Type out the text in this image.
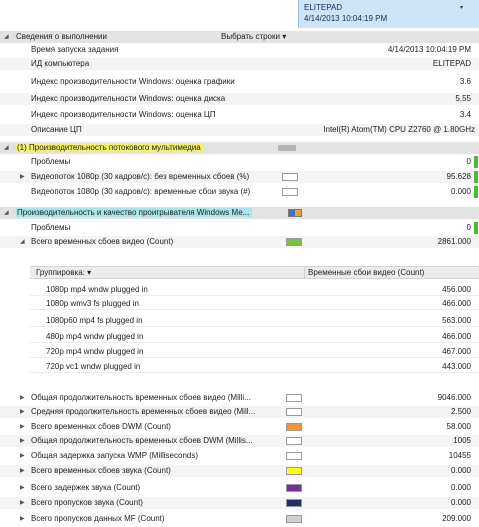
ELITEPAD	▾
4/14/2013 10:04:19 PM
◢ Сведения о выполнении	Выбрать строки ▾
Время запуска задания	4/14/2013 10:04:19 PM
ИД компьютера	ELITEPAD
Индекс производительности Windows: оценка графики	3.6
Индекс производительности Windows: оценка диска	5.55
Индекс производительности Windows: оценка ЦП	3.4
Описание ЦП	Intel(R) Atom(TM) CPU Z2760 @ 1.80GHz
◢ (1) Производительность потокового мультимедиа
Проблемы	0
▶ Видеопоток 1080p (30 кадров/с): без временных сбоев (%)	95.628
Видеопоток 1080p (30 кадров/с): временные сбои звука (#)	0.000
◢ Производительность и качество проигрывателя Windows Me...
Проблемы	0
◢ Всего временных сбоев видео (Count)	2861.000
Группировка: ▾	Временные сбои видео (Count)
1080p mp4 wndw plugged in	456.000
1080p wmv3 fs plugged in	466.000
1080p60 mp4 fs plugged in	563.000
480p mp4 wndw plugged in	466.000
720p mp4 wndw plugged in	467.000
720p vc1 wndw plugged in	443.000
▶ Общая продолжительность временных сбоев видео (Milli...	9046.000
▶ Средняя продолжительность временных сбоев видео (Mill...	2.500
▶ Всего временных сбоев DWM (Count)	58.000
▶ Общая продолжительность временных сбоев DWM (Millis...	1005
▶ Общая задержка запуска WMP (Milliseconds)	10455
▶ Всего временных сбоев звука (Count)	0.000
▶ Всего задержек звука (Count)	0.000
▶ Всего пропусков звука (Count)	0.000
▶ Всего пропусков данных MF (Count)	209.000
